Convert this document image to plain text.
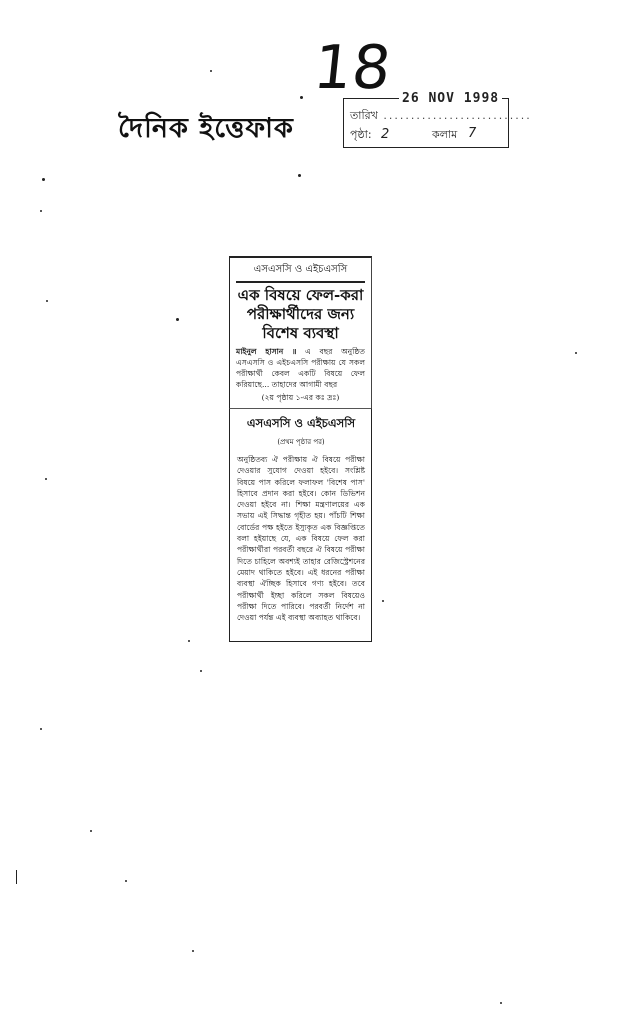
দৈনিক ইত্তেফাক
18 26 NOV 1998
তারিখ ...........................
পৃষ্ঠা: 2	কলাম 7
এসএসসি ও এইচএসসি
এক বিষয়ে ফেল-করা পরীক্ষার্থীদের জন্য বিশেষ ব্যবস্থা
মাইনুল হাসান ॥ এ বছর অনুষ্ঠিত এসএসসি ও এইচএসসি পরীক্ষায় যে সকল পরীক্ষার্থী কেবল একটি বিষয়ে ফেল করিয়াছে... তাহাদের আগামী বছর
(২য় পৃষ্ঠায় ১-এর কঃ দ্রঃ)
এসএসসি ও এইচএসসি
(প্রথম পৃষ্ঠার পর)
অনুষ্ঠিতব্য ঐ পরীক্ষায় ঐ বিষয়ে পরীক্ষা দেওয়ার সুযোগ দেওয়া হইবে। সংশ্লিষ্ট বিষয়ে পাস করিলে ফলাফল 'বিশেষ পাস' হিসাবে প্রদান করা হইবে। কোন ডিভিশন দেওয়া হইবে না। শিক্ষা মন্ত্রণালয়ের এক সভায় এই সিদ্ধান্ত গৃহীত হয়। পাঁচটি শিক্ষা বোর্ডের পক্ষ হইতে ইস্যুকৃত এক বিজ্ঞপ্তিতে বলা হইয়াছে যে, এক বিষয়ে ফেল করা পরীক্ষার্থীরা পরবর্তী বছরে ঐ বিষয়ে পরীক্ষা দিতে চাহিলে অবশ্যই তাহার রেজিস্ট্রেশনের মেয়াদ থাকিতে হইবে। এই ধরনের পরীক্ষা ব্যবস্থা ঐচ্ছিক হিসাবে গণ্য হইবে। তবে পরীক্ষার্থী ইচ্ছা করিলে সকল বিষয়েও পরীক্ষা দিতে পারিবে। পরবর্তী নির্দেশ না দেওয়া পর্যন্ত এই ব্যবস্থা অব্যাহত থাকিবে।
